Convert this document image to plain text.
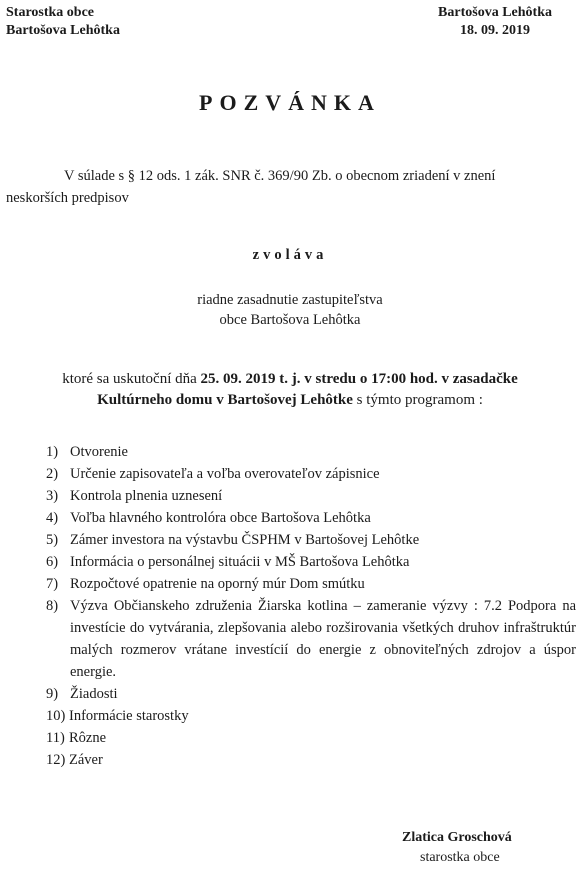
Starostka obce
Bartošova Lehôtka
Bartošova Lehôtka
18. 09. 2019
POZVÁNKA
V súlade s § 12 ods. 1 zák. SNR č. 369/90 Zb. o obecnom zriadení v znení
neskorších predpisov
zvoláva
riadne zasadnutie zastupiteľstva
obce Bartošova Lehôtka
ktoré sa uskutoční dňa 25. 09. 2019 t. j. v stredu o 17:00 hod. v zasadačke
Kultúrneho domu v Bartošovej Lehôtke s týmto programom :
1) Otvorenie
2) Určenie zapisovateľa a voľba overovateľov zápisnice
3) Kontrola plnenia uznesení
4) Voľba hlavného kontrolóra obce Bartošova Lehôtka
5) Zámer investora na výstavbu ČSPHM v Bartošovej Lehôtke
6) Informácia o personálnej situácii v MŠ Bartošova Lehôtka
7) Rozpočtové opatrenie na oporný múr Dom smútku
8) Výzva Občianskeho združenia Žiarska kotlina – zameranie výzvy : 7.2 Podpora na investície do vytvárania, zlepšovania alebo rozširovania všetkých druhov infraštruktúr malých rozmerov vrátane investícií do energie z obnoviteľných zdrojov a úspor energie.
9) Žiadosti
10) Informácie starostky
11) Rôzne
12) Záver
Zlatica Groschová
starostka obce
